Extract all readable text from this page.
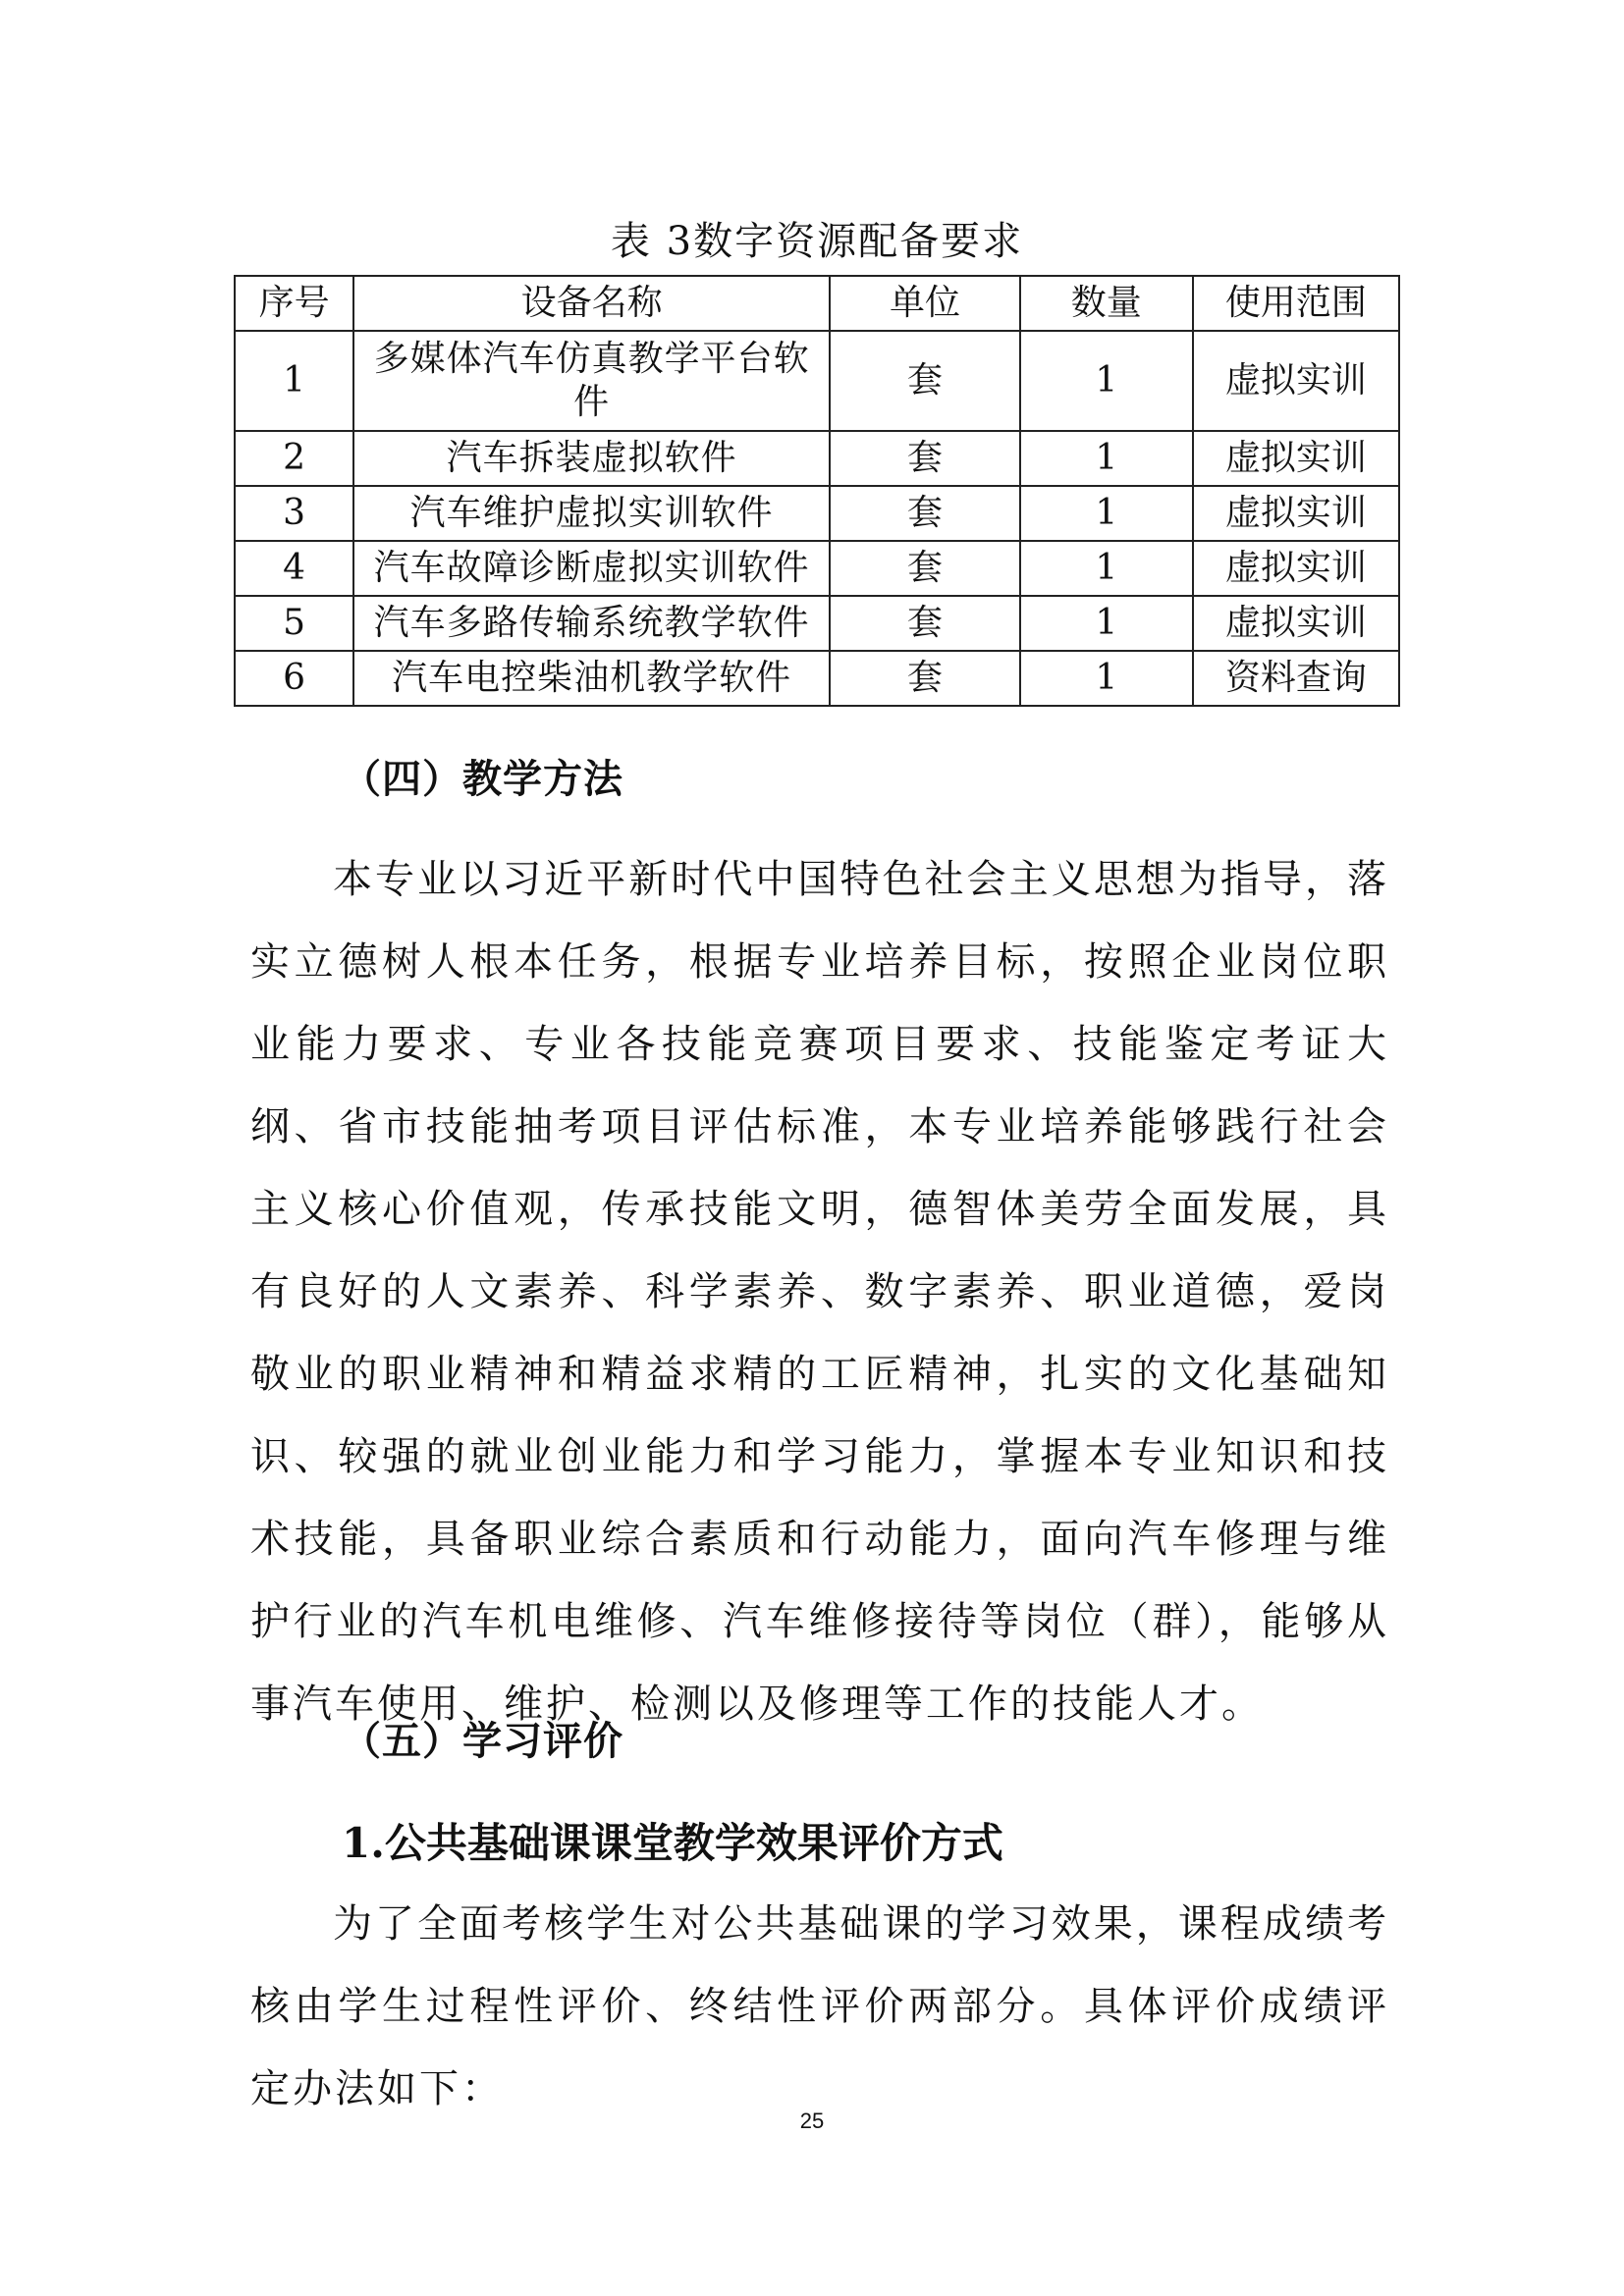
表 3数字资源配备要求
序号	设备名称	单位	数量	使用范围
1	多媒体汽车仿真教学平台软件	套	1	虚拟实训
2	汽车拆装虚拟软件	套	1	虚拟实训
3	汽车维护虚拟实训软件	套	1	虚拟实训
4	汽车故障诊断虚拟实训软件	套	1	虚拟实训
5	汽车多路传输系统教学软件	套	1	虚拟实训
6	汽车电控柴油机教学软件	套	1	资料查询
（四）教学方法

本专业以习近平新时代中国特色社会主义思想为指导，落实立德树人根本任务，根据专业培养目标，按照企业岗位职业能力要求、专业各技能竞赛项目要求、技能鉴定考证大纲、省市技能抽考项目评估标准，本专业培养能够践行社会主义核心价值观，传承技能文明，德智体美劳全面发展，具有良好的人文素养、科学素养、数字素养、职业道德，爱岗敬业的职业精神和精益求精的工匠精神，扎实的文化基础知识、较强的就业创业能力和学习能力，掌握本专业知识和技术技能，具备职业综合素质和行动能力，面向汽车修理与维护行业的汽车机电维修、汽车维修接待等岗位（群），能够从事汽车使用、维护、检测以及修理等工作的技能人才。

（五）学习评价
1.公共基础课课堂教学效果评价方式

为了全面考核学生对公共基础课的学习效果，课程成绩考核由学生过程性评价、终结性评价两部分。具体评价成绩评定办法如下：

25
